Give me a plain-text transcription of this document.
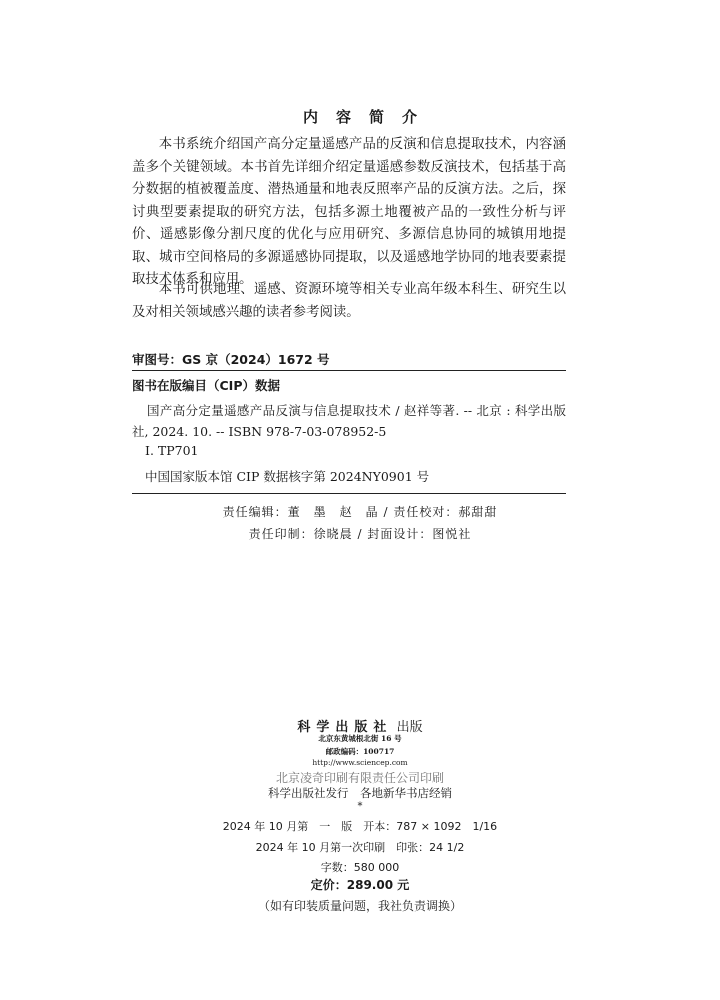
内容简介
本书系统介绍国产高分定量遥感产品的反演和信息提取技术，内容涵盖多个关键领域。本书首先详细介绍定量遥感参数反演技术，包括基于高分数据的植被覆盖度、潜热通量和地表反照率产品的反演方法。之后，探讨典型要素提取的研究方法，包括多源土地覆被产品的一致性分析与评价、遥感影像分割尺度的优化与应用研究、多源信息协同的城镇用地提取、城市空间格局的多源遥感协同提取，以及遥感地学协同的地表要素提取技术体系和应用。
本书可供地理、遥感、资源环境等相关专业高年级本科生、研究生以及对相关领域感兴趣的读者参考阅读。
审图号：GS 京（2024）1672 号
图书在版编目（CIP）数据
国产高分定量遥感产品反演与信息提取技术 / 赵祥等著. -- 北京 : 科学出版社, 2024. 10. -- ISBN 978-7-03-078952-5
Ⅰ. TP701
中国国家版本馆 CIP 数据核字第 2024NY0901 号
责任编辑：董　墨　赵　晶 / 责任校对：郝甜甜
责任印制：徐晓晨 / 封面设计：图悦社
科学出版社 出版
北京东黄城根北街 16 号
邮政编码：100717
http://www.sciencep.com
北京凌奇印刷有限责任公司印刷
科学出版社发行　各地新华书店经销
*
2024 年 10 月第　一　版　开本：787 × 1092　1/16
2024 年 10 月第一次印刷　印张：24 1/2
字数：580 000
定价：289.00 元
（如有印装质量问题，我社负责调换）
